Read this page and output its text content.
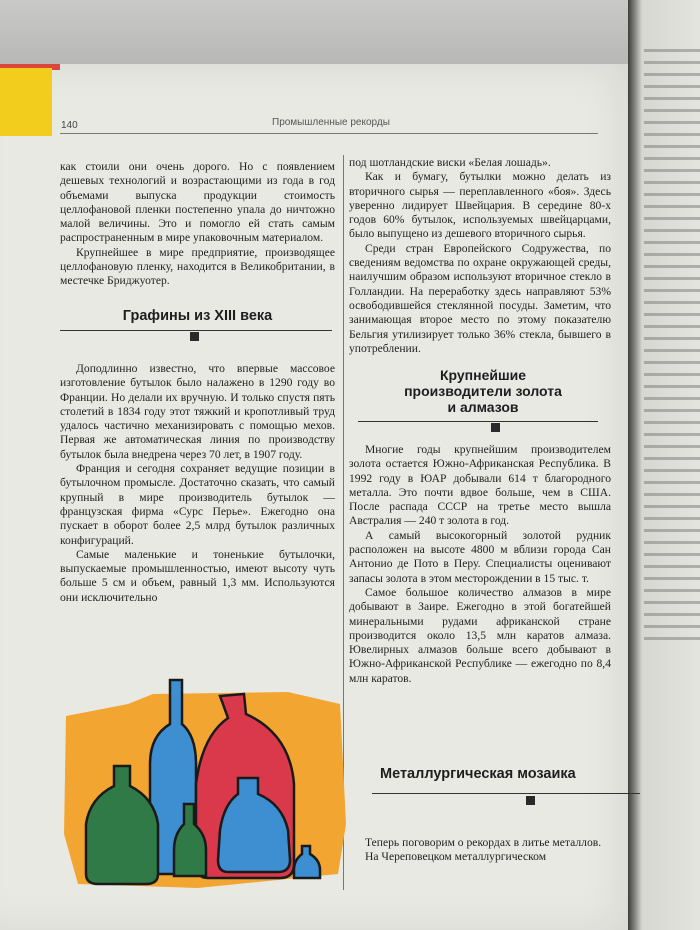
140	Промышленные рекорды

как стоили они очень дорого. Но с появлением дешевых технологий и возрастающими из года в год объемами выпуска продукции стоимость целлофановой пленки постепенно упала до ничтожно малой величины. Это и помогло ей стать самым распространенным в мире упаковочным материалом.

Крупнейшее в мире предприятие, производящее целлофановую пленку, находится в Великобритании, в местечке Бриджуотер.

Графины из XIII века

Доподлинно известно, что впервые массовое изготовление бутылок было налажено в 1290 году во Франции. Но делали их вручную. И только спустя пять столетий в 1834 году этот тяжкий и кропотливый труд удалось частично механизировать с помощью мехов. Первая же автоматическая линия по производству бутылок была внедрена через 70 лет, в 1907 году.

Франция и сегодня сохраняет ведущие позиции в бутылочном промысле. Достаточно сказать, что самый крупный в мире производитель бутылок — французская фирма «Сурс Перье». Ежегодно она пускает в оборот более 2,5 млрд бутылок различных конфигураций.

Самые маленькие и тоненькие бутылочки, выпускаемые промышленностью, имеют высоту чуть больше 5 см и объем, равный 1,3 мм. Используются они исключительно

под шотландские виски «Белая лошадь».

Как и бумагу, бутылки можно делать из вторичного сырья — переплавленного «боя». Здесь уверенно лидирует Швейцария. В середине 80-х годов 60% бутылок, используемых швейцарцами, было выпущено из дешевого вторичного сырья.

Среди стран Европейского Содружества, по сведениям ведомства по охране окружающей среды, наилучшим образом используют вторичное стекло в Голландии. На переработку здесь направляют 53% освободившейся стеклянной посуды. Заметим, что занимающая второе место по этому показателю Бельгия утилизирует только 36% стекла, бывшего в употреблении.

Крупнейшие
производители золота
и алмазов

Многие годы крупнейшим производителем золота остается Южно-Африканская Республика. В 1992 году в ЮАР добывали 614 т благородного металла. Это почти вдвое больше, чем в США. После распада СССР на третье место вышла Австралия — 240 т золота в год.

А самый высокогорный золотой рудник расположен на высоте 4800 м вблизи города Сан Антонио де Пото в Перу. Специалисты оценивают запасы золота в этом месторождении в 15 тыс. т.

Самое большое количество алмазов в мире добывают в Заире. Ежегодно в этой богатейшей минеральными рудами африканской стране производится около 13,5 млн каратов алмаза. Ювелирных алмазов больше всего добывают в Южно-Африканской Республике — ежегодно по 8,4 млн каратов.

Металлургическая мозаика

Теперь поговорим о рекордах в литье металлов.

На Череповецком металлургическом
